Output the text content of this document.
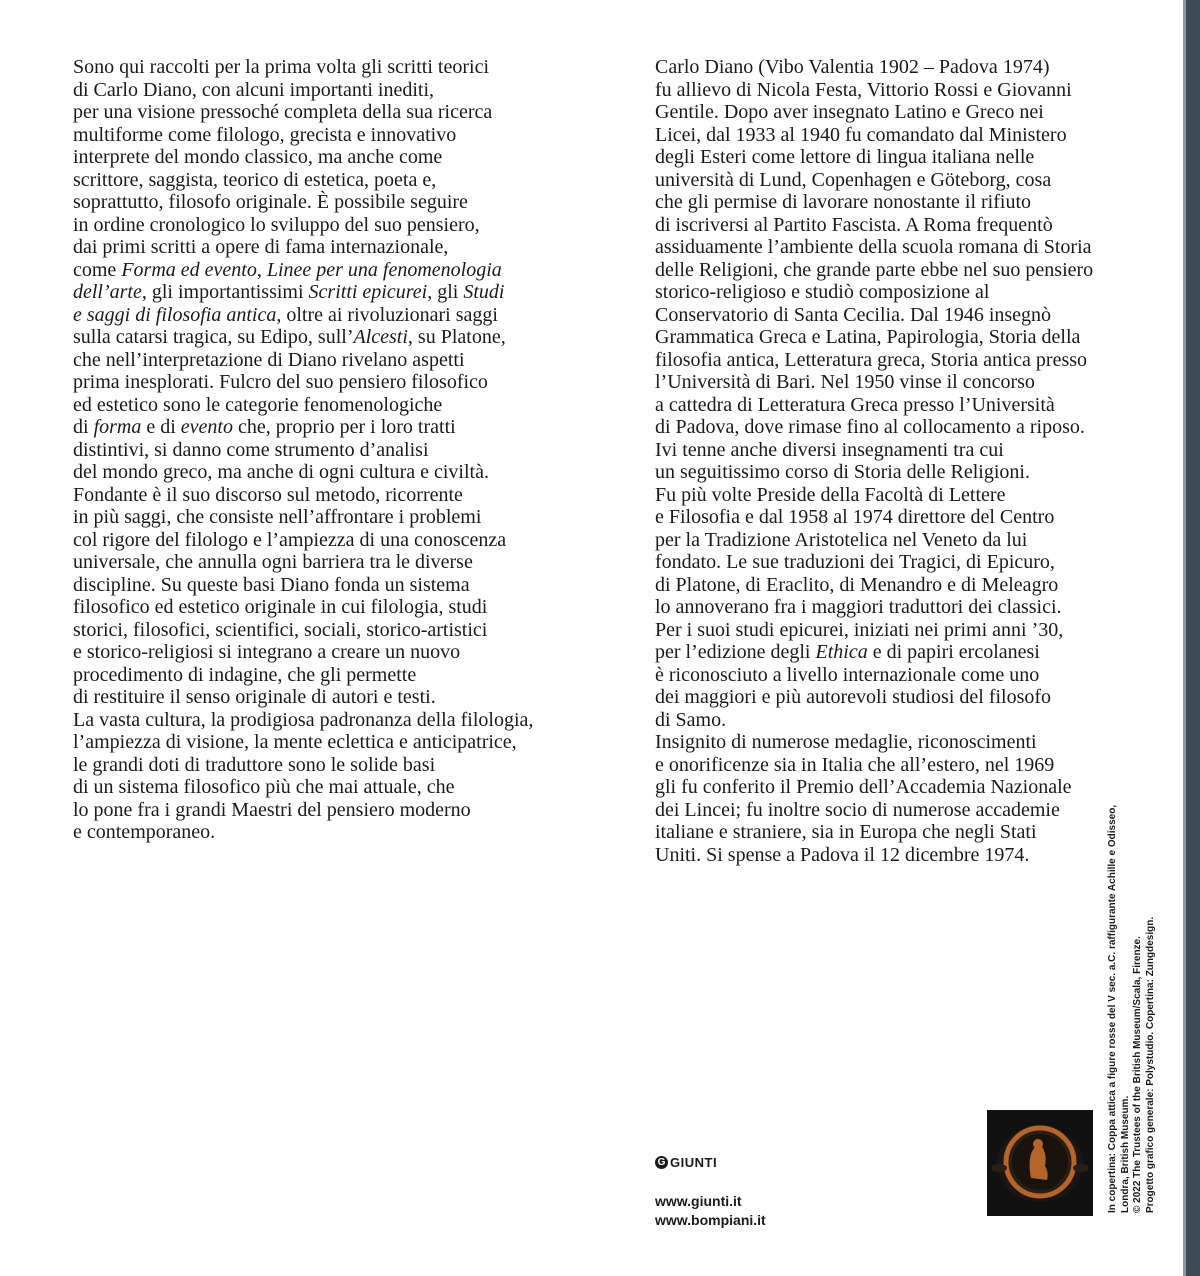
Sono qui raccolti per la prima volta gli scritti teorici
di Carlo Diano, con alcuni importanti inediti,
per una visione pressoché completa della sua ricerca
multiforme come filologo, grecista e innovativo
interprete del mondo classico, ma anche come
scrittore, saggista, teorico di estetica, poeta e,
soprattutto, filosofo originale. È possibile seguire
in ordine cronologico lo sviluppo del suo pensiero,
dai primi scritti a opere di fama internazionale,
come Forma ed evento, Linee per una fenomenologia
dell’arte, gli importantissimi Scritti epicurei, gli Studi
e saggi di filosofia antica, oltre ai rivoluzionari saggi
sulla catarsi tragica, su Edipo, sull’Alcesti, su Platone,
che nell’interpretazione di Diano rivelano aspetti
prima inesplorati. Fulcro del suo pensiero filosofico
ed estetico sono le categorie fenomenologiche
di forma e di evento che, proprio per i loro tratti
distintivi, si danno come strumento d’analisi
del mondo greco, ma anche di ogni cultura e civiltà.
Fondante è il suo discorso sul metodo, ricorrente
in più saggi, che consiste nell’affrontare i problemi
col rigore del filologo e l’ampiezza di una conoscenza
universale, che annulla ogni barriera tra le diverse
discipline. Su queste basi Diano fonda un sistema
filosofico ed estetico originale in cui filologia, studi
storici, filosofici, scientifici, sociali, storico-artistici
e storico-religiosi si integrano a creare un nuovo
procedimento di indagine, che gli permette
di restituire il senso originale di autori e testi.
La vasta cultura, la prodigiosa padronanza della filologia,
l’ampiezza di visione, la mente eclettica e anticipatrice,
le grandi doti di traduttore sono le solide basi
di un sistema filosofico più che mai attuale, che
lo pone fra i grandi Maestri del pensiero moderno
e contemporaneo.
Carlo Diano (Vibo Valentia 1902 – Padova 1974)
fu allievo di Nicola Festa, Vittorio Rossi e Giovanni
Gentile. Dopo aver insegnato Latino e Greco nei
Licei, dal 1933 al 1940 fu comandato dal Ministero
degli Esteri come lettore di lingua italiana nelle
università di Lund, Copenhagen e Göteborg, cosa
che gli permise di lavorare nonostante il rifiuto
di iscriversi al Partito Fascista. A Roma frequentò
assiduamente l’ambiente della scuola romana di Storia
delle Religioni, che grande parte ebbe nel suo pensiero
storico-religioso e studiò composizione al
Conservatorio di Santa Cecilia. Dal 1946 insegnò
Grammatica Greca e Latina, Papirologia, Storia della
filosofia antica, Letteratura greca, Storia antica presso
l’Università di Bari. Nel 1950 vinse il concorso
a cattedra di Letteratura Greca presso l’Università
di Padova, dove rimase fino al collocamento a riposo.
Ivi tenne anche diversi insegnamenti tra cui
un seguitissimo corso di Storia delle Religioni.
Fu più volte Preside della Facoltà di Lettere
e Filosofia e dal 1958 al 1974 direttore del Centro
per la Tradizione Aristotelica nel Veneto da lui
fondato. Le sue traduzioni dei Tragici, di Epicuro,
di Platone, di Eraclito, di Menandro e di Meleagro
lo annoverano fra i maggiori traduttori dei classici.
Per i suoi studi epicurei, iniziati nei primi anni ’30,
per l’edizione degli Ethica e di papiri ercolanesi
è riconosciuto a livello internazionale come uno
dei maggiori e più autorevoli studiosi del filosofo
di Samo.
Insignito di numerose medaglie, riconoscimenti
e onorificenze sia in Italia che all’estero, nel 1969
gli fu conferito il Premio dell’Accademia Nazionale
dei Lincei; fu inoltre socio di numerose accademie
italiane e straniere, sia in Europa che negli Stati
Uniti. Si spense a Padova il 12 dicembre 1974.
G GIUNTI
www.giunti.it
www.bompiani.it
In copertina: Coppa attica a figure rosse del V sec. a.C. raffigurante Achille e Odisseo, Londra, British Museum. © 2022 The Trustees of the British Museum/Scala, Firenze. Progetto grafico generale: Polystudio. Copertina: Zungdesign.
